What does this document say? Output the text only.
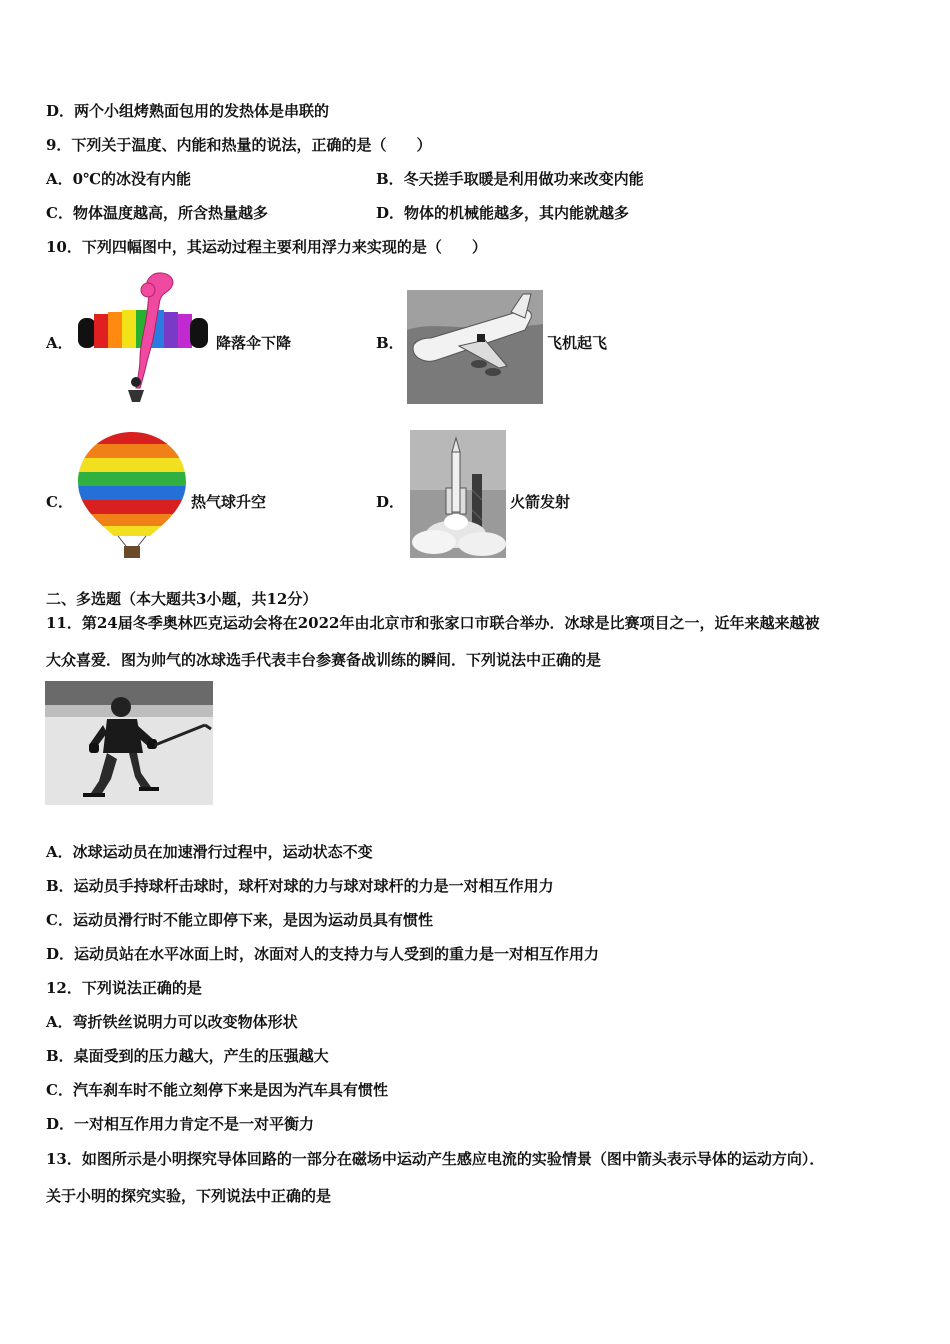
D．两个小组烤熟面包用的发热体是串联的
9．下列关于温度、内能和热量的说法，正确的是（　　）
A．0℃的冰没有内能	B．冬天搓手取暖是利用做功来改变内能
C．物体温度越高，所含热量越多	D．物体的机械能越多，其内能就越多
10．下列四幅图中，其运动过程主要利用浮力来实现的是（　　）
A．	降落伞下降	B．	飞机起飞
C．	热气球升空	D．	火箭发射
二、多选题（本大题共3小题，共12分）
11．第24届冬季奥林匹克运动会将在2022年由北京市和张家口市联合举办．冰球是比赛项目之一，近年来越来越被
大众喜爱．图为帅气的冰球选手代表丰台参赛备战训练的瞬间．下列说法中正确的是
A．冰球运动员在加速滑行过程中，运动状态不变
B．运动员手持球杆击球时，球杆对球的力与球对球杆的力是一对相互作用力
C．运动员滑行时不能立即停下来，是因为运动员具有惯性
D．运动员站在水平冰面上时，冰面对人的支持力与人受到的重力是一对相互作用力
12．下列说法正确的是
A．弯折铁丝说明力可以改变物体形状
B．桌面受到的压力越大，产生的压强越大
C．汽车刹车时不能立刻停下来是因为汽车具有惯性
D．一对相互作用力肯定不是一对平衡力
13．如图所示是小明探究导体回路的一部分在磁场中运动产生感应电流的实验情景（图中箭头表示导体的运动方向）．
关于小明的探究实验，下列说法中正确的是
